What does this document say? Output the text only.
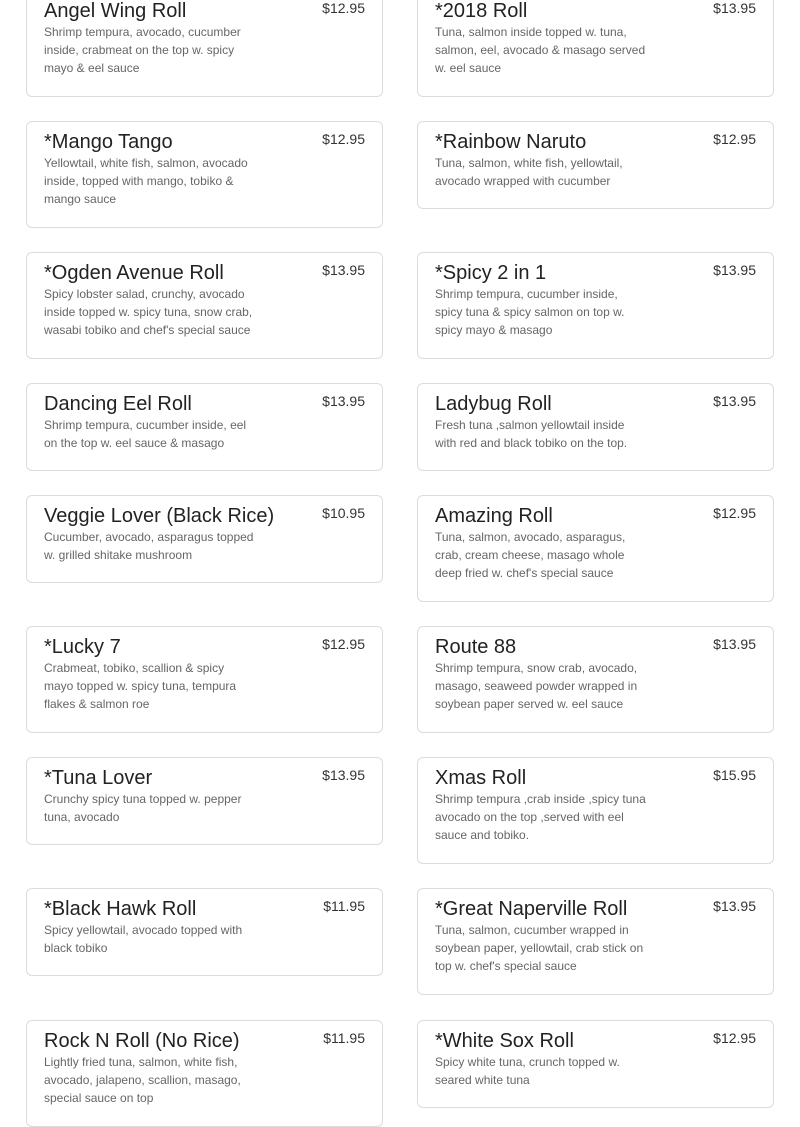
Angel Wing Roll	$12.95
Shrimp tempura, avocado, cucumber inside, crabmeat on the top w. spicy mayo & eel sauce
*2018 Roll	$13.95
Tuna, salmon inside topped w. tuna, salmon, eel, avocado & masago served w. eel sauce
*Mango Tango	$12.95
Yellowtail, white fish, salmon, avocado inside, topped with mango, tobiko & mango sauce
*Rainbow Naruto	$12.95
Tuna, salmon, white fish, yellowtail, avocado wrapped with cucumber
*Ogden Avenue Roll	$13.95
Spicy lobster salad, crunchy, avocado inside topped w. spicy tuna, snow crab, wasabi tobiko and chef's special sauce
*Spicy 2 in 1	$13.95
Shrimp tempura, cucumber inside, spicy tuna & spicy salmon on top w. spicy mayo & masago
Dancing Eel Roll	$13.95
Shrimp tempura, cucumber inside, eel on the top w. eel sauce & masago
Ladybug Roll	$13.95
Fresh tuna ,salmon yellowtail inside with red and black tobiko on the top.
Veggie Lover (Black Rice)	$10.95
Cucumber, avocado, asparagus topped w. grilled shitake mushroom
Amazing Roll	$12.95
Tuna, salmon, avocado, asparagus, crab, cream cheese, masago whole deep fried w. chef's special sauce
*Lucky 7	$12.95
Crabmeat, tobiko, scallion & spicy mayo topped w. spicy tuna, tempura flakes & salmon roe
Route 88	$13.95
Shrimp tempura, snow crab, avocado, masago, seaweed powder wrapped in soybean paper served w. eel sauce
*Tuna Lover	$13.95
Crunchy spicy tuna topped w. pepper tuna, avocado
Xmas Roll	$15.95
Shrimp tempura ,crab inside ,spicy tuna avocado on the top ,served with eel sauce and tobiko.
*Black Hawk Roll	$11.95
Spicy yellowtail, avocado topped with black tobiko
*Great Naperville Roll	$13.95
Tuna, salmon, cucumber wrapped in soybean paper, yellowtail, crab stick on top w. chef's special sauce
Rock N Roll (No Rice)	$11.95
Lightly fried tuna, salmon, white fish, avocado, jalapeno, scallion, masago, special sauce on top
*White Sox Roll	$12.95
Spicy white tuna, crunch topped w. seared white tuna
